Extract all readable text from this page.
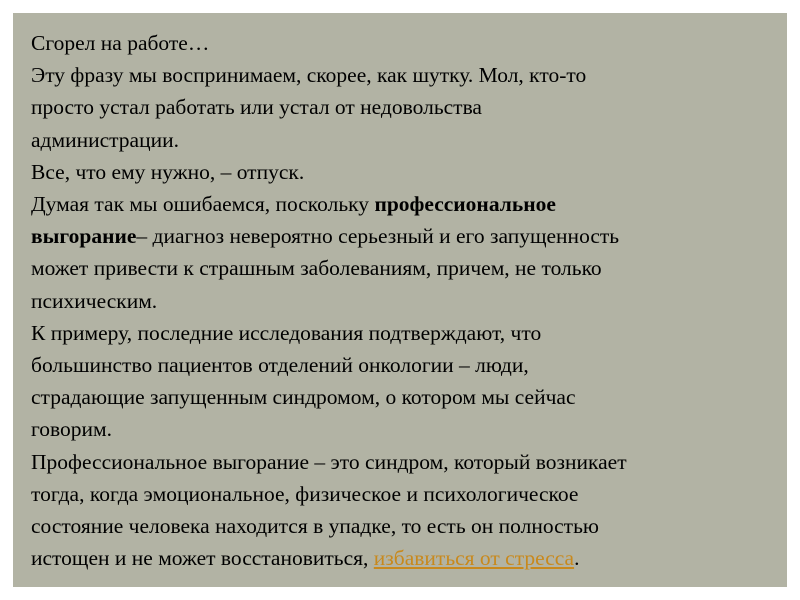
Сгорел на работе…
Эту фразу мы воспринимаем, скорее, как шутку. Мол, кто-то
просто устал работать или устал от недовольства
администрации.
Все, что ему нужно, – отпуск.
Думая так мы ошибаемся, поскольку профессиональное
выгорание– диагноз невероятно серьезный и его запущенность
может привести к страшным заболеваниям, причем, не только
психическим.
К примеру, последние исследования подтверждают, что
большинство пациентов отделений онкологии – люди,
страдающие запущенным синдромом, о котором мы сейчас
говорим.
Профессиональное выгорание – это синдром, который возникает
тогда, когда эмоциональное, физическое и психологическое
состояние человека находится в упадке, то есть он полностью
истощен и не может восстановиться, избавиться от стресса.
